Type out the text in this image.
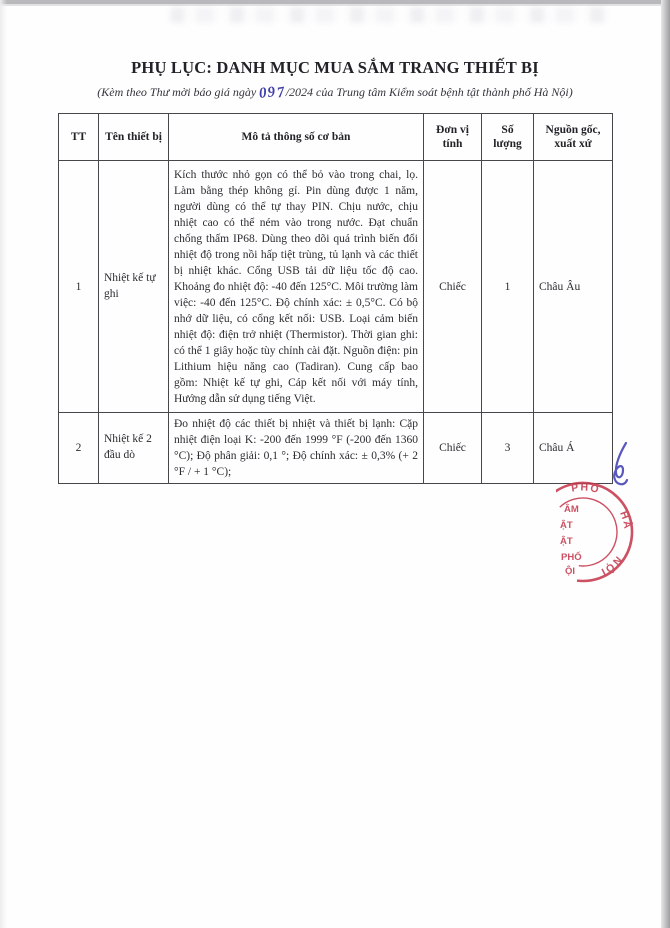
PHỤ LỤC: DANH MỤC MUA SẮM TRANG THIẾT BỊ
(Kèm theo Thư mời báo giá ngày 097/2024 của Trung tâm Kiểm soát bệnh tật thành phố Hà Nội)
TT	Tên thiết bị	Mô tả thông số cơ bản	Đơn vị tính	Số lượng	Nguồn gốc, xuất xứ
1	Nhiệt kế tự ghi	Kích thước nhỏ gọn có thể bỏ vào trong chai, lọ. Làm bằng thép không gỉ. Pin dùng được 1 năm, người dùng có thể tự thay PIN. Chịu nước, chịu nhiệt cao có thể ném vào trong nước. Đạt chuẩn chống thấm IP68. Dùng theo dõi quá trình biến đổi nhiệt độ trong nồi hấp tiệt trùng, tủ lạnh và các thiết bị nhiệt khác. Cổng USB tải dữ liệu tốc độ cao. Khoảng đo nhiệt độ: -40 đến 125°C. Môi trường làm việc: -40 đến 125°C. Độ chính xác: ± 0,5°C. Có bộ nhớ dữ liệu, có cổng kết nối: USB. Loại cảm biến nhiệt độ: điện trở nhiệt (Thermistor). Thời gian ghi: có thể 1 giây hoặc tùy chỉnh cài đặt. Nguồn điện: pin Lithium hiệu năng cao (Tadiran). Cung cấp bao gồm: Nhiệt kế tự ghi, Cáp kết nối với máy tính, Hướng dẫn sử dụng tiếng Việt.	Chiếc	1	Châu Âu
2	Nhiệt kế 2 đầu dò	Đo nhiệt độ các thiết bị nhiệt và thiết bị lạnh: Cặp nhiệt điện loại K: -200 đến 1999 °F (-200 đến 1360 °C); Độ phân giải: 0,1 °; Độ chính xác: ± 0,3% (+ 2 °F / + 1 °C);	Chiếc	3	Châu Á
PHỐ
HÀ
NỘI
ÂM
ẬT
ẬT
PHỐ
ỘI
